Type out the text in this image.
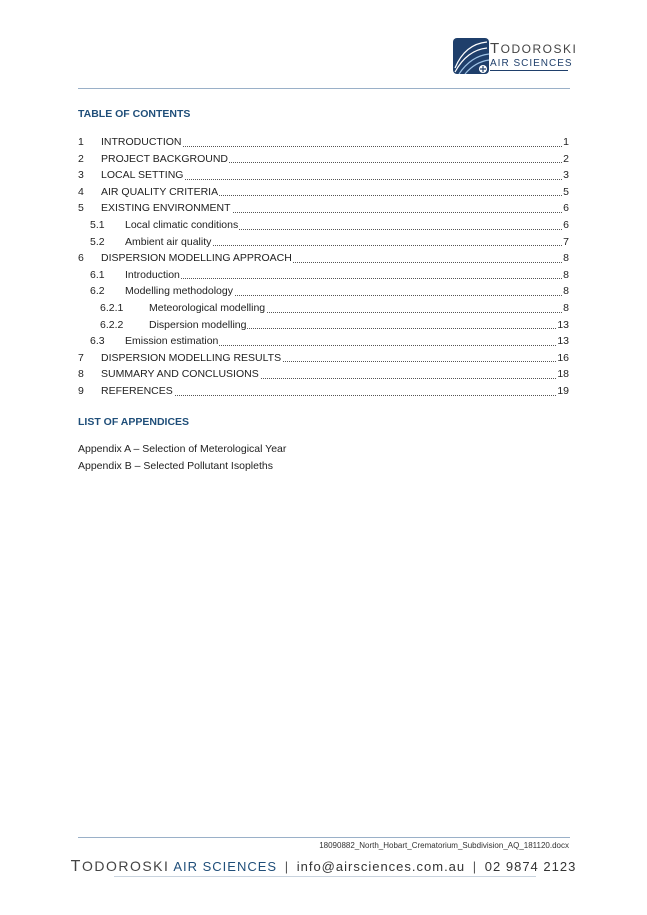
TODOROSKI
AIR SCIENCES
TABLE OF CONTENTS
1 INTRODUCTION	1
2 PROJECT BACKGROUND	2
3 LOCAL SETTING	3
4 AIR QUALITY CRITERIA	5
5 EXISTING ENVIRONMENT	6
5.1 Local climatic conditions	6
5.2 Ambient air quality	7
6 DISPERSION MODELLING APPROACH	8
6.1 Introduction	8
6.2 Modelling methodology	8
6.2.1 Meteorological modelling	8
6.2.2 Dispersion modelling	13
6.3 Emission estimation	13
7 DISPERSION MODELLING RESULTS	16
8 SUMMARY AND CONCLUSIONS	18
9 REFERENCES	19
LIST OF APPENDICES
Appendix A – Selection of Meterological Year
Appendix B – Selected Pollutant Isopleths
18090882_North_Hobart_Crematorium_Subdivision_AQ_181120.docx
TODOROSKI AIR SCIENCES | info@airsciences.com.au | 02 9874 2123
